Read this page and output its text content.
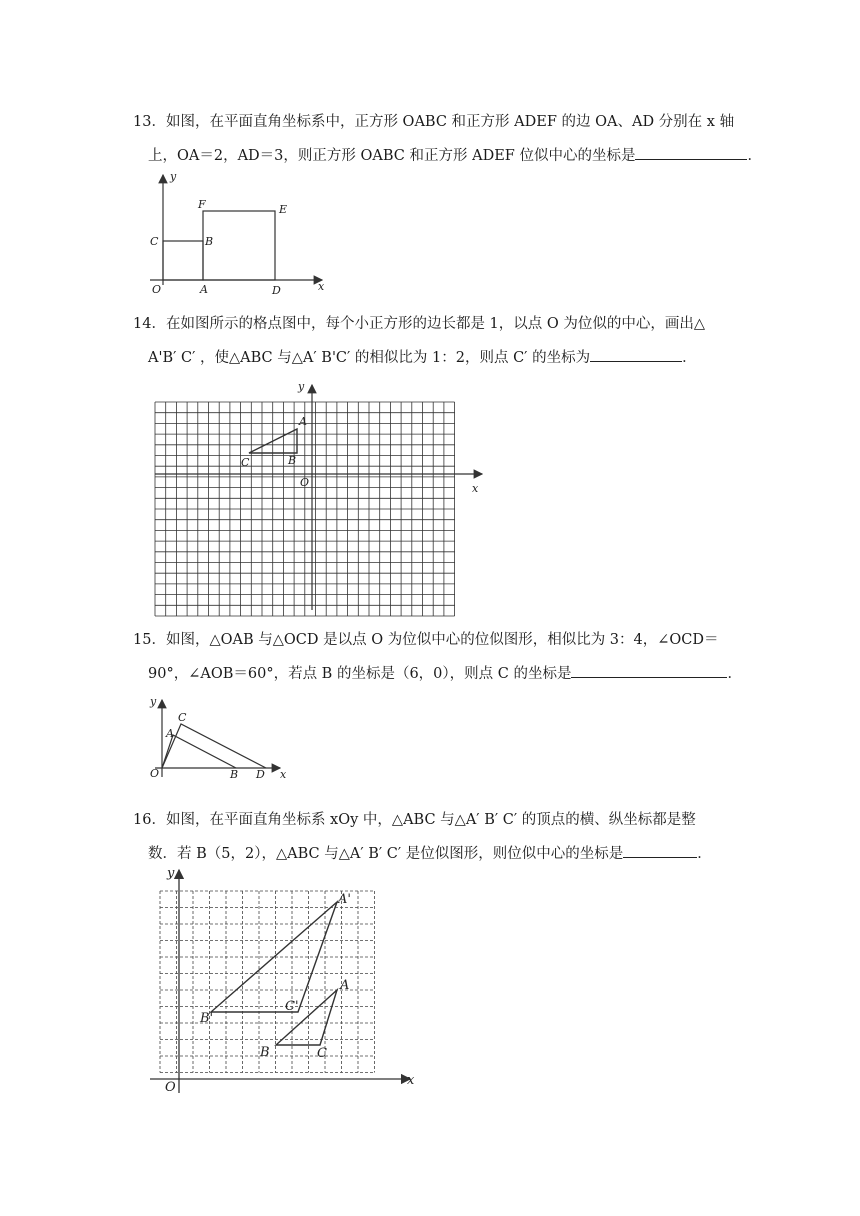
13．如图，在平面直角坐标系中，正方形 OABC 和正方形 ADEF 的边 OA、AD 分别在 x 轴
上，OA＝2，AD＝3，则正方形 OABC 和正方形 ADEF 位似中心的坐标是	．
y
F	E
C	B
O	A	D	x
14．在如图所示的格点图中，每个小正方形的边长都是 1，以点 O 为位似的中心，画出△
A'B′ C′ ，使△ABC 与△A′ B'C′ 的相似比为 1：2，则点 C′ 的坐标为	．
y
A
C	B
O	x
15．如图，△OAB 与△OCD 是以点 O 为位似中心的位似图形，相似比为 3：4，∠OCD＝
90°，∠AOB＝60°，若点 B 的坐标是（6，0），则点 C 的坐标是	．
y
C
A
O	B D x
16．如图，在平面直角坐标系 xOy 中，△ABC 与△A′ B′ C′ 的顶点的横、纵坐标都是整
数．若 B（5，2），△ABC 与△A′ B′ C′ 是位似图形，则位似中心的坐标是	．
y
A'
A
C'
B'
B	C
O	x
